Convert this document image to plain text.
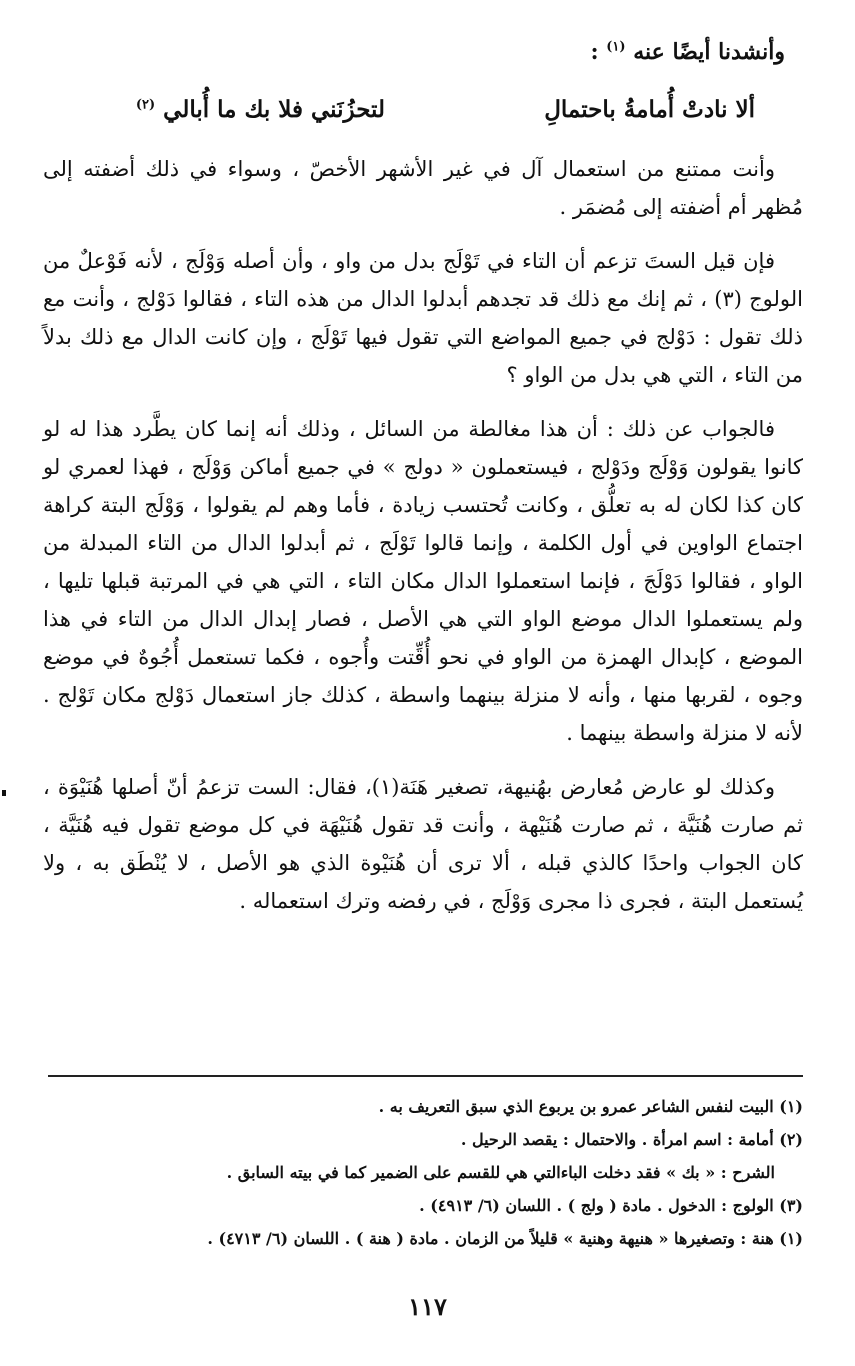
وأنشدنا أيضًا عنه $^{(١)}$ :
ألا نادتْ أُمامةُ باحتمالِ
لتحزُنَني فلا بك ما أُبالي $^{(٢)}$

وأنت ممتنع من استعمال آل في غير الأشهر الأخصّ ، وسواء في ذلك أضفته إلى مُظهر أم أضفته إلى مُضمَر .

فإن قيل الستَ تزعم أن التاء في تَوْلَج بدل من واو ، وأن أصله وَوْلَج ، لأنه فَوْعلٌ من الولوج (٣) ، ثم إنك مع ذلك قد تجدهم أبدلوا الدال من هذه التاء ، فقالوا دَوْلج ، وأنت مع ذلك تقول : دَوْلج في جميع المواضع التي تقول فيها تَوْلَج ، وإن كانت الدال مع ذلك بدلاً من التاء ، التي هي بدل من الواو ؟

فالجواب عن ذلك : أن هذا مغالطة من السائل ، وذلك أنه إنما كان يطَّرد هذا له لو كانوا يقولون وَوْلَج ودَوْلج ، فيستعملون « دولج » في جميع أماكن وَوْلَج ، فهذا لعمري لو كان كذا لكان له به تعلُّق ، وكانت تُحتسب زيادة ، فأما وهم لم يقولوا ، وَوْلَج البتة كراهة اجتماع الواوين في أول الكلمة ، وإنما قالوا تَوْلَج ، ثم أبدلوا الدال من التاء المبدلة من الواو ، فقالوا دَوْلَجَ ، فإنما استعملوا الدال مكان التاء ، التي هي في المرتبة قبلها تليها ، ولم يستعملوا الدال موضع الواو التي هي الأصل ، فصار إبدال الدال من التاء في هذا الموضع ، كإبدال الهمزة من الواو في نحو أُقِّتت وأُجوه ، فكما تستعمل أُجُوهٌ في موضع وجوه ، لقربها منها ، وأنه لا منزلة بينهما واسطة ، كذلك جاز استعمال دَوْلج مكان تَوْلج . لأنه لا منزلة واسطة بينهما .

وكذلك لو عارض مُعارض بهُنيهة، تصغير هَنَة(١)، فقال: الست تزعمُ أنّ أصلها هُنَيْوَة ، ثم صارت هُنَيَّة ، ثم صارت هُنَيْهة ، وأنت قد تقول هُنَيْهَة في كل موضع تقول فيه هُنَيَّة ، كان الجواب واحدًا كالذي قبله ، ألا ترى أن هُنَيْوة الذي هو الأصل ، لا يُنْطَق به ، ولا يُستعمل البتة ، فجرى ذا مجرى وَوْلَج ، في رفضه وترك استعماله .

(١) البيت لنفس الشاعر عمرو بن يربوع الذي سبق التعريف به .

(٢) أمامة : اسم امرأة . والاحتمال : يقصد الرحيل .

الشرح : « بك » فقد دخلت الباءالتي هي للقسم على الضمير كما في بيته السابق .

(٣) الولوج : الدخول . مادة ( ولج ) . اللسان (٦/ ٤٩١٣) .

(١) هنة : وتصغيرها « هنيهة وهنية » قليلاً من الزمان . مادة ( هنة ) . اللسان (٦/ ٤٧١٣) .

١١٧
